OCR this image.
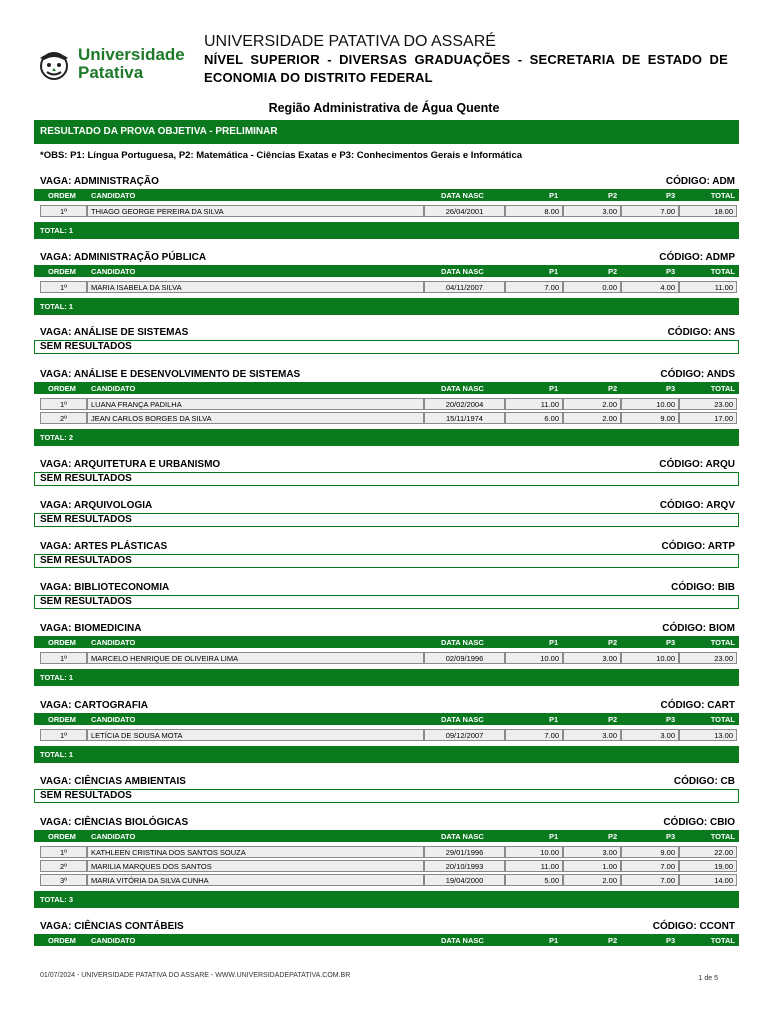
Universidade
Patativa
UNIVERSIDADE PATATIVA DO ASSARÉ
NÍVEL SUPERIOR - DIVERSAS GRADUAÇÕES - SECRETARIA DE ESTADO DE ECONOMIA DO DISTRITO FEDERAL
Região Administrativa de Água Quente
RESULTADO DA PROVA OBJETIVA - PRELIMINAR
*OBS: P1: Língua Portuguesa, P2: Matemática - Ciências Exatas e P3: Conhecimentos Gerais e Informática
VAGA: ADMINISTRAÇÃO	CÓDIGO: ADM
ORDEM CANDIDATO	DATA NASC	P1	P2	P3	TOTAL
1º	THIAGO GEORGE PEREIRA DA SILVA	26/04/2001	8.00	3.00	7.00	18.00
TOTAL: 1
VAGA: ADMINISTRAÇÃO PÚBLICA	CÓDIGO: ADMP
ORDEM CANDIDATO	DATA NASC	P1	P2	P3	TOTAL
1º	MARIA ISABELA DA SILVA	04/11/2007	7.00	0.00	4.00	11.00
TOTAL: 1
VAGA: ANÁLISE DE SISTEMAS	CÓDIGO: ANS
SEM RESULTADOS
VAGA: ANÁLISE E DESENVOLVIMENTO DE SISTEMAS	CÓDIGO: ANDS
ORDEM CANDIDATO	DATA NASC	P1	P2	P3	TOTAL
1º	LUANA FRANÇA PADILHA	20/02/2004	11.00	2.00	10.00	23.00
2º	JEAN CARLOS BORGES DA SILVA	15/11/1974	6.00	2.00	9.00	17.00
TOTAL: 2
VAGA: ARQUITETURA E URBANISMO	CÓDIGO: ARQU
SEM RESULTADOS
VAGA: ARQUIVOLOGIA	CÓDIGO: ARQV
SEM RESULTADOS
VAGA: ARTES PLÁSTICAS	CÓDIGO: ARTP
SEM RESULTADOS
VAGA: BIBLIOTECONOMIA	CÓDIGO: BIB
SEM RESULTADOS
VAGA: BIOMEDICINA	CÓDIGO: BIOM
ORDEM CANDIDATO	DATA NASC	P1	P2	P3	TOTAL
1º	MARCELO HENRIQUE DE OLIVEIRA LIMA	02/09/1996	10.00	3.00	10.00	23.00
TOTAL: 1
VAGA: CARTOGRAFIA	CÓDIGO: CART
ORDEM CANDIDATO	DATA NASC	P1	P2	P3	TOTAL
1º	LETÍCIA DE SOUSA MOTA	09/12/2007	7.00	3.00	3.00	13.00
TOTAL: 1
VAGA: CIÊNCIAS AMBIENTAIS	CÓDIGO: CB
SEM RESULTADOS
VAGA: CIÊNCIAS BIOLÓGICAS	CÓDIGO: CBIO
ORDEM CANDIDATO	DATA NASC	P1	P2	P3	TOTAL
1º	KATHLEEN CRISTINA DOS SANTOS SOUZA	29/01/1996	10.00	3.00	9.00	22.00
2º	MARILIA MARQUES DOS SANTOS	20/10/1993	11.00	1.00	7.00	19.00
3º	MARIA VITÓRIA DA SILVA CUNHA	19/04/2000	5.00	2.00	7.00	14.00
TOTAL: 3
VAGA: CIÊNCIAS CONTÁBEIS	CÓDIGO: CCONT
ORDEM CANDIDATO	DATA NASC	P1	P2	P3	TOTAL
01/07/2024 - UNIVERSIDADE PATATIVA DO ASSARE - WWW.UNIVERSIDADEPATATIVA.COM.BR	1 de 5
